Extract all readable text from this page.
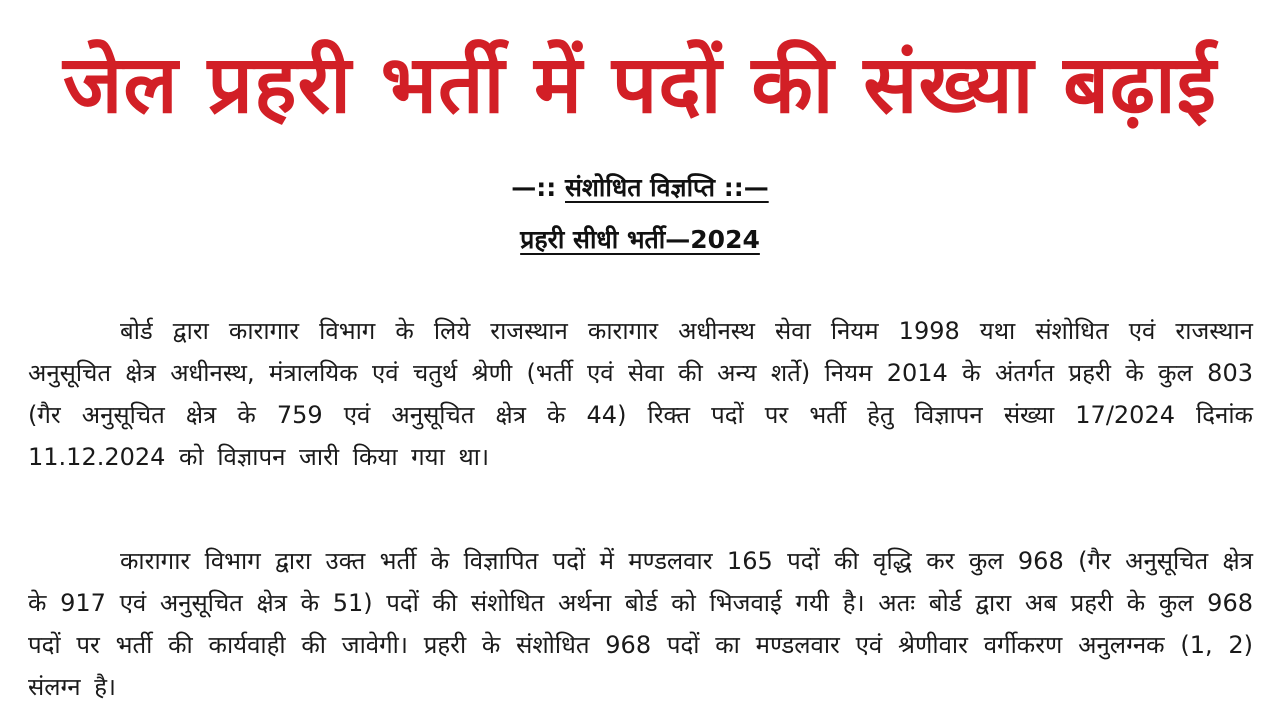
जेल प्रहरी भर्ती में पदों की संख्या बढ़ाई
—:: संशोधित विज्ञप्ति ::—
प्रहरी सीधी भर्ती—2024

बोर्ड द्वारा कारागार विभाग के लिये राजस्थान कारागार अधीनस्थ सेवा नियम 1998 यथा संशोधित एवं राजस्थान अनुसूचित क्षेत्र अधीनस्थ, मंत्रालयिक एवं चतुर्थ श्रेणी (भर्ती एवं सेवा की अन्य शर्ते) नियम 2014 के अंतर्गत प्रहरी के कुल 803 (गैर अनुसूचित क्षेत्र के 759 एवं अनुसूचित क्षेत्र के 44) रिक्त पदों पर भर्ती हेतु विज्ञापन संख्या 17/2024 दिनांक 11.12.2024 को विज्ञापन जारी किया गया था।

कारागार विभाग द्वारा उक्त भर्ती के विज्ञापित पदों में मण्डलवार 165 पदों की वृद्धि कर कुल 968 (गैर अनुसूचित क्षेत्र के 917 एवं अनुसूचित क्षेत्र के 51) पदों की संशोधित अर्थना बोर्ड को भिजवाई गयी है। अतः बोर्ड द्वारा अब प्रहरी के कुल 968 पदों पर भर्ती की कार्यवाही की जावेगी। प्रहरी के संशोधित 968 पदों का मण्डलवार एवं श्रेणीवार वर्गीकरण अनुलग्नक (1, 2) संलग्न है।
